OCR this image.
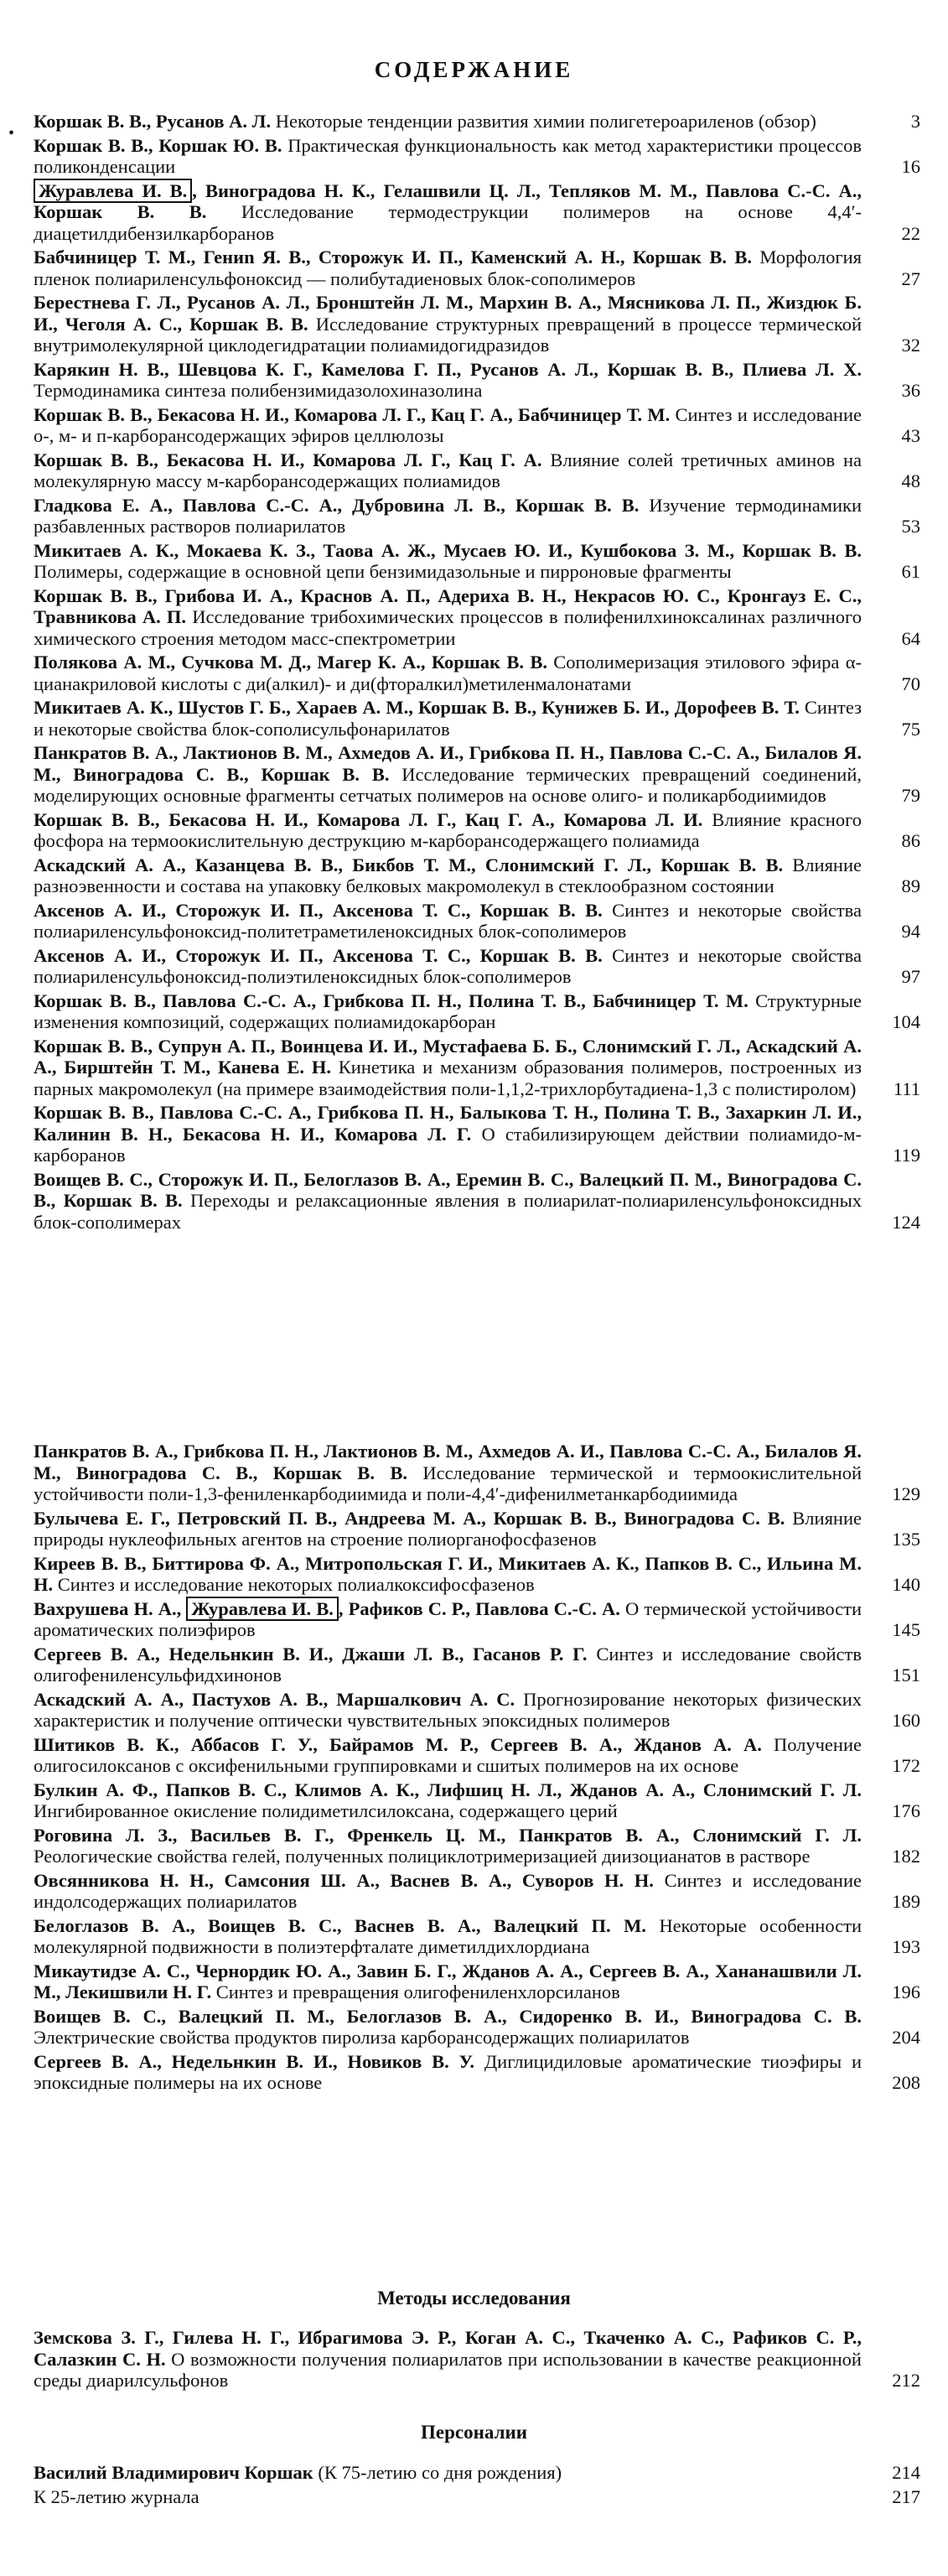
СОДЕРЖАНИЕ
•
Коршак В. В., Русанов А. Л. Некоторые тенденции развития химии полигетероариленов (обзор)	3
Коршак В. В., Коршак Ю. В. Практическая функциональность как метод характеристики процессов поликонденсации	16
Журавлева И. В. , Виноградова Н. К., Гелашвили Ц. Л., Тепляков М. М., Павлова С.-С. А., Коршак В. В. Исследование термодеструкции полимеров на основе 4,4′-диацетилдибензилкарборанов	22
Бабчиницер Т. М., Гениn Я. В., Сторожук И. П., Каменский А. Н., Коршак В. В. Морфология пленок полиариленсульфоноксид — полибутадиеновых блок-сополимеров	27
Берестнева Г. Л., Русанов А. Л., Бронштейн Л. М., Мархин В. А., Мясникова Л. П., Жиздюк Б. И., Чеголя А. С., Коршак В. В. Исследование структурных превращений в процессе термической внутримолекулярной циклодегидратации полиамидогидразидов	32
Карякин Н. В., Шевцова К. Г., Камелова Г. П., Русанов А. Л., Коршак В. В., Плиева Л. Х. Термодинамика синтеза полибензимидазолохиназолина	36
Коршак В. В., Бекасова Н. И., Комарова Л. Г., Кац Г. А., Бабчиницер Т. М. Синтез и исследование о-, м- и п-карборансодержащих эфиров целлюлозы	43
Коршак В. В., Бекасова Н. И., Комарова Л. Г., Кац Г. А. Влияние солей третичных аминов на молекулярную массу м-карборансодержащих полиамидов	48
Гладкова Е. А., Павлова С.-С. А., Дубровина Л. В., Коршак В. В. Изучение термодинамики разбавленных растворов полиарилатов	53
Микитаев А. К., Мокаева К. З., Таова А. Ж., Мусаев Ю. И., Кушбокова З. М., Коршак В. В. Полимеры, содержащие в основной цепи бензимидазольные и пирроновые фрагменты	61
Коршак В. В., Грибова И. А., Краснов А. П., Адериха В. Н., Некрасов Ю. С., Кронгауз Е. С., Травникова А. П. Исследование трибохимических процессов в полифенилхиноксалинах различного химического строения методом масс-спектрометрии	64
Полякова А. М., Сучкова М. Д., Магер К. А., Коршак В. В. Сополимеризация этилового эфира α-цианакриловой кислоты с ди(алкил)- и ди(фторалкил)метиленмалонатами	70
Микитаев А. К., Шустов Г. Б., Хараев А. М., Коршак В. В., Кунижев Б. И., Дорофеев В. Т. Синтез и некоторые свойства блок-сополисульфонарилатов	75
Панкратов В. А., Лактионов В. М., Ахмедов А. И., Грибкова П. Н., Павлова С.-С. А., Билалов Я. М., Виноградова С. В., Коршак В. В. Исследование термических превращений соединений, моделирующих основные фрагменты сетчатых полимеров на основе олиго- и поликарбодиимидов	79
Коршак В. В., Бекасова Н. И., Комарова Л. Г., Кац Г. А., Комарова Л. И. Влияние красного фосфора на термоокислительную деструкцию м-карборансодержащего полиамида	86
Аскадский А. А., Казанцева В. В., Бикбов Т. М., Слонимский Г. Л., Коршак В. В. Влияние разноэвенности и состава на упаковку белковых макромолекул в стеклообразном состоянии	89
Аксенов А. И., Сторожук И. П., Аксенова Т. С., Коршак В. В. Синтез и некоторые свойства полиариленсульфоноксид-политетраметиленоксидных блок-сополимеров	94
Аксенов А. И., Сторожук И. П., Аксенова Т. С., Коршак В. В. Синтез и некоторые свойства полиариленсульфоноксид-полиэтиленоксидных блок-сополимеров	97
Коршак В. В., Павлова С.-С. А., Грибкова П. Н., Полина Т. В., Бабчиницер Т. М. Структурные изменения композиций, содержащих полиамидокарборан	104
Коршак В. В., Супрун А. П., Воинцева И. И., Мустафаева Б. Б., Слонимский Г. Л., Аскадский А. А., Бирштейн Т. М., Канева Е. Н. Кинетика и механизм образования полимеров, построенных из парных макромолекул (на примере взаимодействия поли-1,1,2-трихлорбутадиена-1,3 с полистиролом)	111
Коршак В. В., Павлова С.-С. А., Грибкова П. Н., Балыкова Т. Н., Полина Т. В., Захаркин Л. И., Калинин В. Н., Бекасова Н. И., Комарова Л. Г. О стабилизирующем действии полиамидо-м-карборанов	119
Воищев В. С., Сторожук И. П., Белоглазов В. А., Еремин В. С., Валецкий П. М., Виноградова С. В., Коршак В. В. Переходы и релаксационные явления в полиарилат-полиариленсульфоноксидных блок-сополимерах	124
Панкратов В. А., Грибкова П. Н., Лактионов В. М., Ахмедов А. И., Павлова С.-С. А., Билалов Я. М., Виноградова С. В., Коршак В. В. Исследование термической и термоокислительной устойчивости поли-1,3-фениленкарбодиимида и поли-4,4′-дифенилметанкарбодиимида	129
Булычева Е. Г., Петровский П. В., Андреева М. А., Коршак В. В., Виноградова С. В. Влияние природы нуклеофильных агентов на строение полиорганофосфазенов	135
Киреев В. В., Биттирова Ф. А., Митропольская Г. И., Микитаев А. К., Папков В. С., Ильина М. Н. Синтез и исследование некоторых полиалкоксифосфазенов	140
Вахрушева Н. А., Журавлева И. В. , Рафиков С. Р., Павлова С.-С. А. О термической устойчивости ароматических полиэфиров	145
Сергеев В. А., Недельнкин В. И., Джаши Л. В., Гасанов Р. Г. Синтез и исследование свойств олигофениленсульфидхинонов	151
Аскадский А. А., Пастухов А. В., Маршалкович А. С. Прогнозирование некоторых физических характеристик и получение оптически чувствительных эпоксидных полимеров	160
Шитиков В. К., Аббасов Г. У., Байрамов М. Р., Сергеев В. А., Жданов А. А. Получение олигосилоксанов с оксифенильными группировками и сшитых полимеров на их основе	172
Булкин А. Ф., Папков В. С., Климов А. К., Лифшиц Н. Л., Жданов А. А., Слонимский Г. Л. Ингибированное окисление полидиметилсилоксана, содержащего церий	176
Роговина Л. З., Васильев В. Г., Френкель Ц. М., Панкратов В. А., Слонимский Г. Л. Реологические свойства гелей, полученных полициклотримеризацией диизоцианатов в растворе	182
Овсянникова Н. Н., Самсония Ш. А., Васнев В. А., Суворов Н. Н. Синтез и исследование индолсодержащих полиарилатов	189
Белоглазов В. А., Воищев В. С., Васнев В. А., Валецкий П. М. Некоторые особенности молекулярной подвижности в полиэтерфталате диметилдихлордиана	193
Микаутидзе А. С., Чернордик Ю. А., Завин Б. Г., Жданов А. А., Сергеев В. А., Хананашвили Л. М., Лекишвили Н. Г. Синтез и превращения олигофениленхлорсиланов	196
Воищев В. С., Валецкий П. М., Белоглазов В. А., Сидоренко В. И., Виноградова С. В. Электрические свойства продуктов пиролиза карборансодержащих полиарилатов	204
Сергеев В. А., Недельнкин В. И., Новиков В. У. Диглицидиловые ароматические тиоэфиры и эпоксидные полимеры на их основе	208
Методы исследования
Земскова З. Г., Гилева Н. Г., Ибрагимова Э. Р., Коган А. С., Ткаченко А. С., Рафиков С. Р., Салазкин С. Н. О возможности получения полиарилатов при использовании в качестве реакционной среды диарилсульфонов	212
Персоналии
Василий Владимирович Коршак (К 75-летию со дня рождения)	214
К 25-летию журнала	217
